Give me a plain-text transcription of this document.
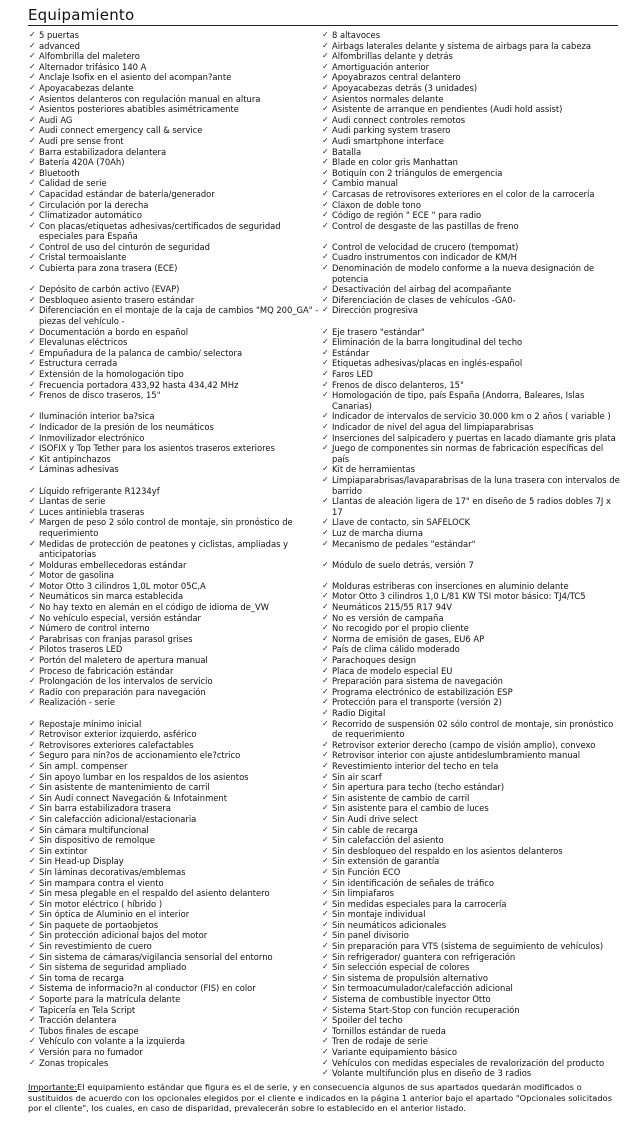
Equipamiento
✓ 5 puertas
✓ advanced
✓ Alfombrilla del maletero
✓ Alternador trifásico 140 A
✓ Anclaje Isofix en el asiento del acompan?ante
✓ Apoyacabezas delante
✓ Asientos delanteros con regulación manual en altura
✓ Asientos posteriores abatibles asimétricamente
✓ Audi AG
✓ Audi connect emergency call & service
✓ Audi pre sense front
✓ Barra estabilizadora delantera
✓ Batería 420A (70Ah)
✓ Bluetooth
✓ Calidad de serie
✓ Capacidad estándar de batería/generador
✓ Circulación por la derecha
✓ Climatizador automático
✓ Con placas/etiquetas adhesivas/certificados de seguridad especiales para España
✓ Control de uso del cinturón de seguridad
✓ Cristal termoaislante
✓ Cubierta para zona trasera (ECE)
✓ Depósito de carbón activo (EVAP)
✓ Desbloqueo asiento trasero estándar
✓ Diferenciación en el montaje de la caja de cambios "MQ 200_GA" - piezas del vehículo -
✓ Documentación a bordo en español
✓ Elevalunas eléctricos
✓ Empuñadura de la palanca de cambio/ selectora
✓ Estructura cerrada
✓ Extensión de la homologación tipo
✓ Frecuencia portadora 433,92 hasta 434,42 MHz
✓ Frenos de disco traseros, 15"
✓ Iluminación interior ba?sica
✓ Indicador de la presión de los neumáticos
✓ Inmovilizador electrónico
✓ ISOFIX y Top Tether para los asientos traseros exteriores
✓ Kit antipinchazos
✓ Láminas adhesivas
✓ Líquido refrigerante R1234yf
✓ Llantas de serie
✓ Luces antiniebla traseras
✓ Margen de peso 2 sólo control de montaje, sin pronóstico de requerimiento
✓ Medidas de protección de peatones y ciclistas, ampliadas y anticipatorias
✓ Molduras embellecedoras estándar
✓ Motor de gasolina
✓ Motor Otto 3 cilindros 1,0L motor 05C,A
✓ Neumáticos sin marca establecida
✓ No hay texto en alemán en el código de idioma de_VW
✓ No vehículo especial, versión estándar
✓ Número de control interno
✓ Parabrisas con franjas parasol grises
✓ Pilotos traseros LED
✓ Portón del maletero de apertura manual
✓ Proceso de fabricación estándar
✓ Prolongación de los intervalos de servicio
✓ Radio con preparación para navegación
✓ Realización - serie
✓ Repostaje mínimo inicial
✓ Retrovisor exterior izquierdo, asférico
✓ Retrovisores exteriores calefactables
✓ Seguro para nin?os de accionamiento ele?ctrico
✓ Sin ampl. compenser
✓ Sin apoyo lumbar en los respaldos de los asientos
✓ Sin asistente de mantenimiento de carril
✓ Sin Audi connect Navegación & Infotainment
✓ Sin barra estabilizadora trasera
✓ Sin calefacción adicional/estacionaria
✓ Sin cámara multifuncional
✓ Sin dispositivo de remolque
✓ Sin extintor
✓ Sin Head-up Display
✓ Sin láminas decorativas/emblemas
✓ Sin mampara contra el viento
✓ Sin mesa plegable en el respaldo del asiento delantero
✓ Sin motor eléctrico ( híbrido )
✓ Sin óptica de Aluminio en el interior
✓ Sin paquete de portaobjetos
✓ Sin protección adicional bajos del motor
✓ Sin revestimiento de cuero
✓ Sin sistema de cámaras/vigilancia sensorial del entorno
✓ Sin sistema de seguridad ampliado
✓ Sin toma de recarga
✓ Sistema de informacio?n al conductor (FIS) en color
✓ Soporte para la matrícula delante
✓ Tapicería en Tela Script
✓ Tracción delantera
✓ Tubos finales de escape
✓ Vehículo con volante a la izquierda
✓ Versión para no fumador
✓ Zonas tropicales
✓ 8 altavoces
✓ Airbags laterales delante y sistema de airbags para la cabeza
✓ Alfombrillas delante y detrás
✓ Amortiguación anterior
✓ Apoyabrazos central delantero
✓ Apoyacabezas detrás (3 unidades)
✓ Asientos normales delante
✓ Asistente de arranque en pendientes (Audi hold assist)
✓ Audi connect controles remotos
✓ Audi parking system trasero
✓ Audi smartphone interface
✓ Batalla
✓ Blade en color gris Manhattan
✓ Botiquín con 2 triángulos de emergencia
✓ Cambio manual
✓ Carcasas de retrovisores exteriores en el color de la carrocería
✓ Claxon de doble tono
✓ Código de región " ECE " para radio
✓ Control de desgaste de las pastillas de freno
✓ Control de velocidad de crucero (tempomat)
✓ Cuadro instrumentos con indicador de KM/H
✓ Denominación de modelo conforme a la nueva designación de potencia
✓ Desactivación del airbag del acompañante
✓ Diferenciación de clases de vehículos -GA0-
✓ Dirección progresiva
✓ Eje trasero "estándar"
✓ Eliminación de la barra longitudinal del techo
✓ Estándar
✓ Etiquetas adhesivas/placas en inglés-español
✓ Faros LED
✓ Frenos de disco delanteros, 15"
✓ Homologación de tipo, país España (Andorra, Baleares, Islas Canarias)
✓ Indicador de intervalos de servicio 30.000 km o 2 años ( variable )
✓ Indicador de nivel del agua del limpiaparabrisas
✓ Inserciones del salpicadero y puertas en lacado diamante gris plata
✓ Juego de componentes sin normas de fabricación específicas del país
✓ Kit de herramientas
✓ Limpiaparabrisas/lavaparabrisas de la luna trasera con intervalos de barrido
✓ Llantas de aleación ligera de 17" en diseño de 5 radios dobles 7J x 17
✓ Llave de contacto, sin SAFELOCK
✓ Luz de marcha diurna
✓ Mecanismo de pedales "estándar"
✓ Módulo de suelo detrás, versión 7
✓ Molduras estriberas con inserciones en aluminio delante
✓ Motor Otto 3 cilindros 1,0 L/81 KW TSI motor básico: TJ4/TC5
✓ Neumáticos 215/55 R17 94V
✓ No es versión de campaña
✓ No recogido por el propio cliente
✓ Norma de emisión de gases, EU6 AP
✓ País de clima cálido moderado
✓ Parachoques design
✓ Placa de modelo especial EU
✓ Preparación para sistema de navegación
✓ Programa electrónico de estabilización ESP
✓ Protección para el transporte (versión 2)
✓ Radio Digital
✓ Recorrido de suspensión 02 sólo control de montaje, sin pronóstico de requerimiento
✓ Retrovisor exterior derecho (campo de visión amplio), convexo
✓ Retrovisor interior con ajuste antideslumbramiento manual
✓ Revestimiento interior del techo en tela
✓ Sin air scarf
✓ Sin apertura para techo (techo estándar)
✓ Sin asistente de cambio de carril
✓ Sin asistente para el cambio de luces
✓ Sin Audi drive select
✓ Sin cable de recarga
✓ Sin calefacción del asiento
✓ Sin desbloqueo del respaldo en los asientos delanteros
✓ Sin extensión de garantía
✓ Sin Función ECO
✓ Sin identificación de señales de tráfico
✓ Sin limpiafaros
✓ Sin medidas especiales para la carrocería
✓ Sin montaje individual
✓ Sin neumáticos adicionales
✓ Sin panel divisorio
✓ Sin preparación para VTS (sistema de seguimiento de vehículos)
✓ Sin refrigerador/ guantera con refrigeración
✓ Sin selección especial de colores
✓ Sin sistema de propulsión alternativo
✓ Sin termoacumulador/calefacción adicional
✓ Sistema de combustible inyector Otto
✓ Sistema Start-Stop con función recuperación
✓ Spoiler del techo
✓ Tornillos estándar de rueda
✓ Tren de rodaje de serie
✓ Variante equipamiento básico
✓ Vehículos con medidas especiales de revalorización del producto
✓ Volante multifunción plus en diseño de 3 radios
Importante:El equipamiento estándar que figura es el de serie, y en consecuencia algunos de sus apartados quedarán modificados o sustituidos de acuerdo con los opcionales elegidos por el cliente e indicados en la página 1 anterior bajo el apartado "Opcionales solicitados por el cliente", los cuales, en caso de disparidad, prevalecerán sobre lo establecido en el anterior listado.
